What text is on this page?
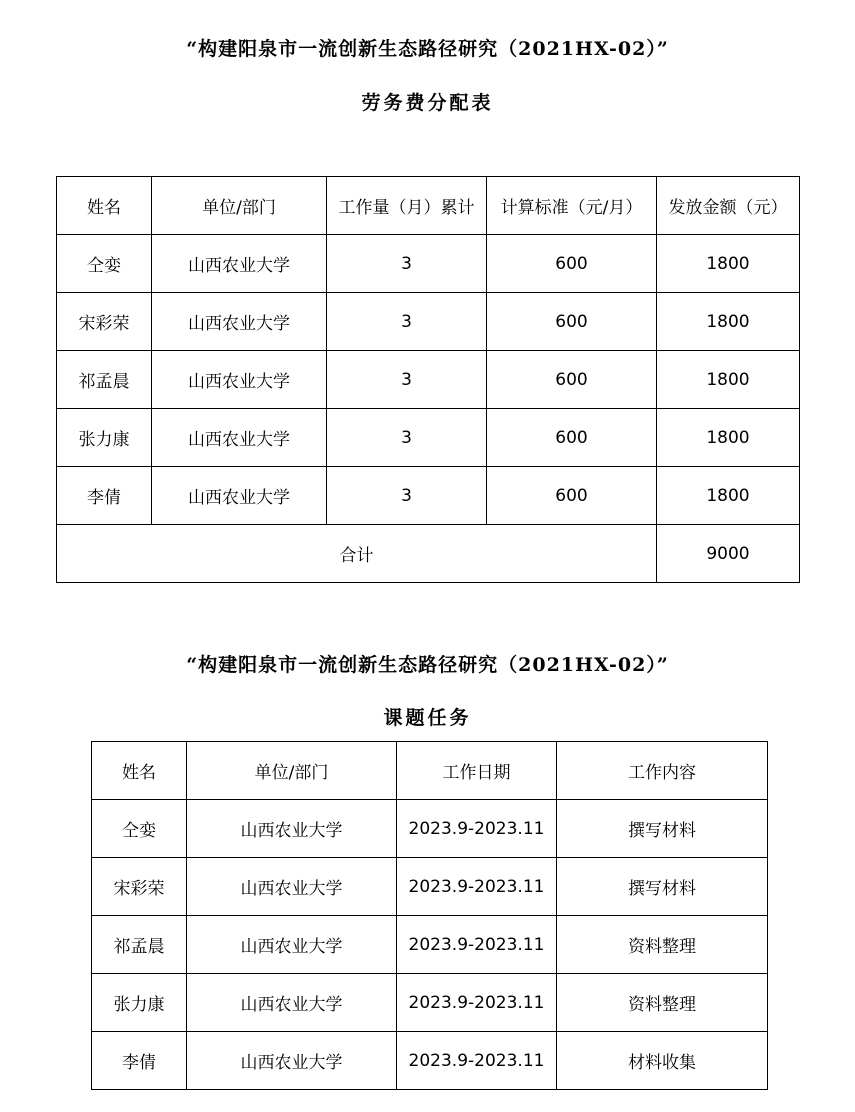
“构建阳泉市一流创新生态路径研究（2021HX-02）”
劳务费分配表
姓名	单位/部门	工作量（月）累计	计算标准（元/月）	发放金额（元）
仝娈	山西农业大学	3	600	1800
宋彩荣	山西农业大学	3	600	1800
祁孟晨	山西农业大学	3	600	1800
张力康	山西农业大学	3	600	1800
李倩	山西农业大学	3	600	1800
合计				9000
“构建阳泉市一流创新生态路径研究（2021HX-02）”
课题任务
姓名	单位/部门	工作日期	工作内容
仝娈	山西农业大学	2023.9-2023.11	撰写材料
宋彩荣	山西农业大学	2023.9-2023.11	撰写材料
祁孟晨	山西农业大学	2023.9-2023.11	资料整理
张力康	山西农业大学	2023.9-2023.11	资料整理
李倩	山西农业大学	2023.9-2023.11	材料收集
